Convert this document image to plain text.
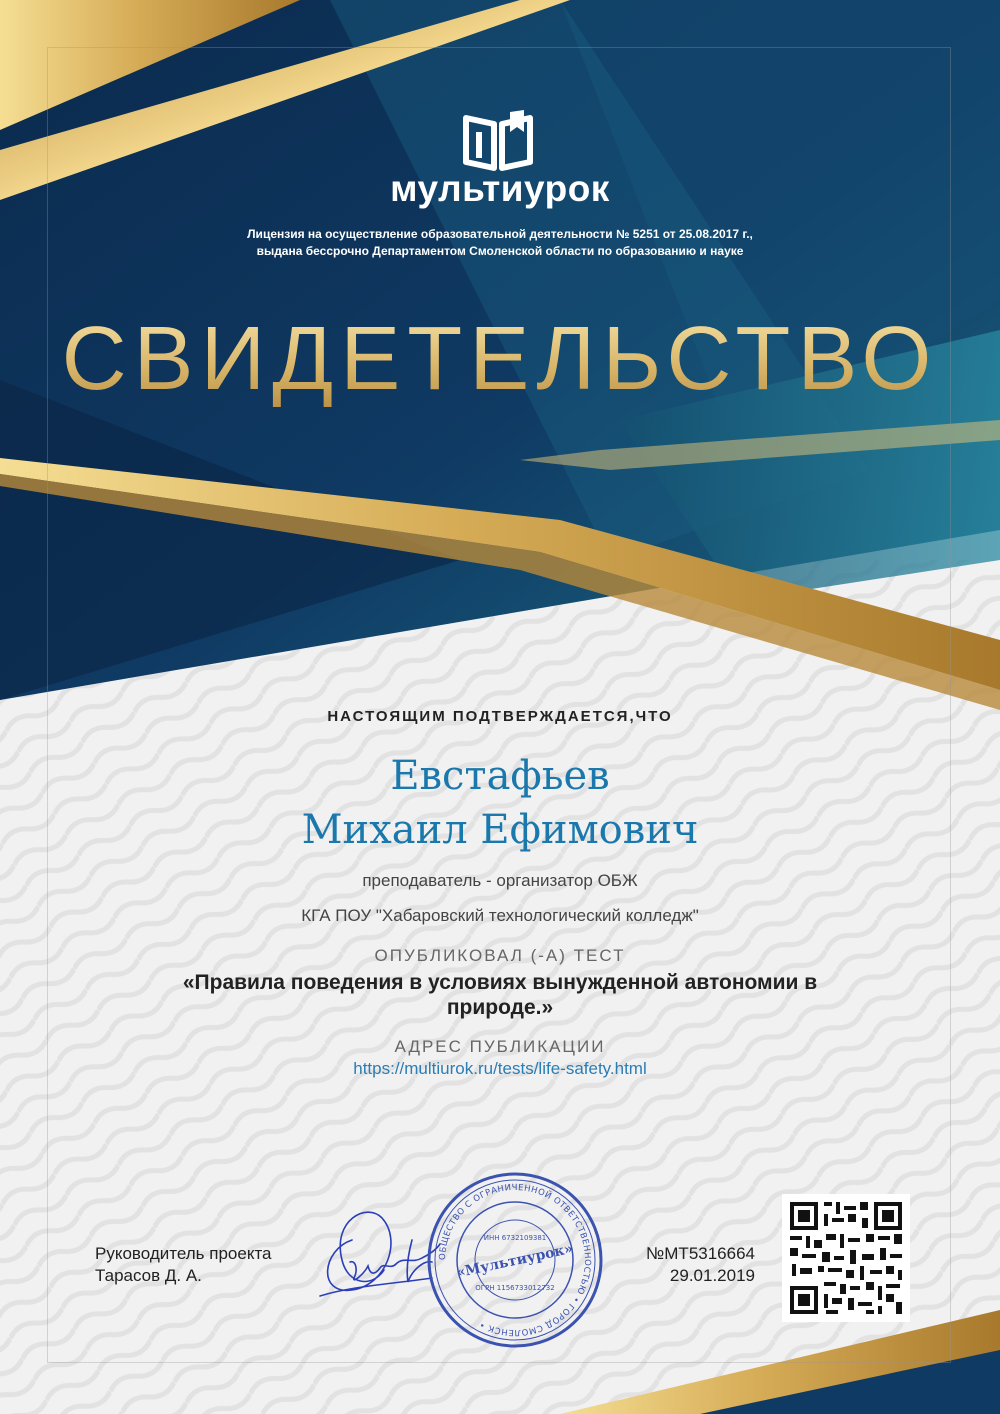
мультиурок
Лицензия на осуществление образовательной деятельности № 5251 от 25.08.2017 г.,
выдана бессрочно Департаментом Смоленской области по образованию и науке
СВИДЕТЕЛЬСТВО
НАСТОЯЩИМ ПОДТВЕРЖДАЕТСЯ,ЧТО
Евстафьев
Михаил Ефимович
преподаватель - организатор ОБЖ
КГА ПОУ "Хабаровский технологический колледж"
ОПУБЛИКОВАЛ (-А) ТЕСТ
«Правила поведения в условиях вынужденной автономии в природе.»
АДРЕС ПУБЛИКАЦИИ
https://multiurok.ru/tests/life-safety.html
Руководитель проекта
Тарасов Д. А.
ОБЩЕСТВО С ОГРАНИЧЕННОЙ ОТВЕТСТВЕННОСТЬЮ • ГОРОД СМОЛЕНСК •
ИНН 6732109381
«Мультиурок»
ОГРН 1156733012732
№МТ5316664
29.01.2019
